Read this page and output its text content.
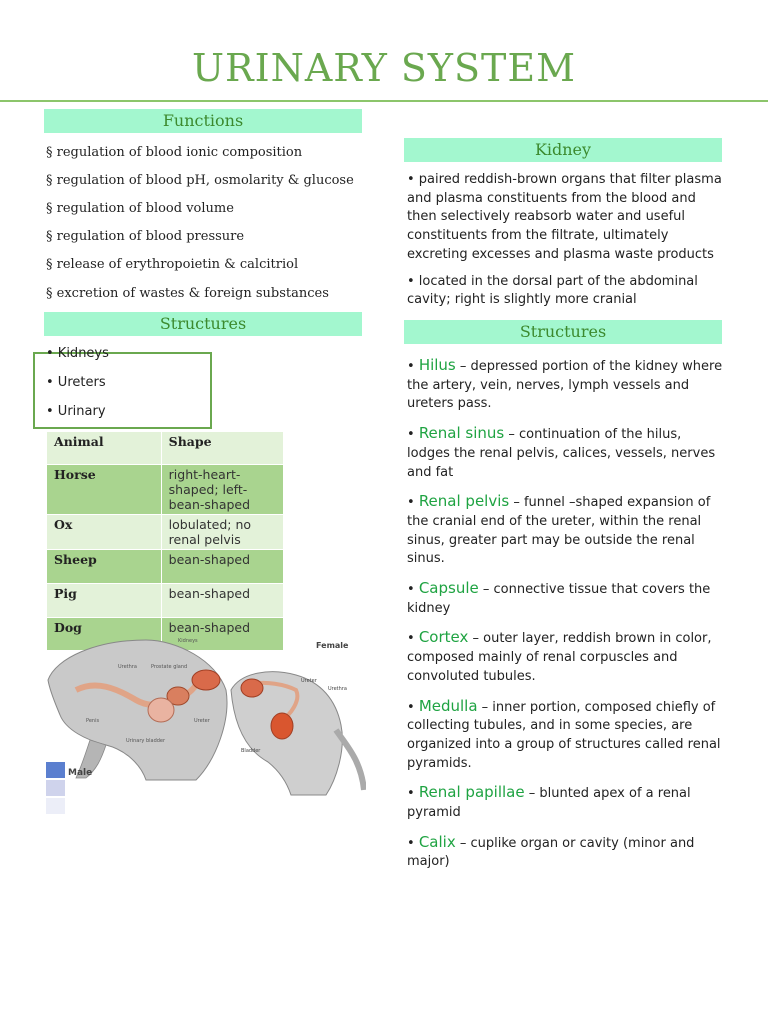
URINARY SYSTEM
Functions
§ regulation of blood ionic composition
§ regulation of blood pH, osmolarity & glucose
§ regulation of blood volume
§ regulation of blood pressure
§ release of erythropoietin & calcitriol
§ excretion of wastes & foreign substances
Structures
• Kidneys
• Ureters
• Urinary
Animal	Shape
Horse	right-heart-shaped; left-bean-shaped
Ox	lobulated; no renal pelvis
Sheep	bean-shaped
Pig	bean-shaped
Dog	bean-shaped
Kidneys
Urethra	Prostate gland
Ureter
Penis
Urinary bladder
Female
Ureter
Urethra
Bladder
Male
Kidney

• paired reddish-brown organs that filter plasma and plasma constituents from the blood and then selectively reabsorb water and useful constituents from the filtrate, ultimately excreting excesses and plasma waste products

• located in the dorsal part of the abdominal cavity; right is slightly more cranial

Structures

• Hilus – depressed portion of the kidney where the artery, vein, nerves, lymph vessels and ureters pass.

• Renal sinus – continuation of the hilus, lodges the renal pelvis, calices, vessels, nerves and fat

• Renal pelvis – funnel –shaped expansion of the cranial end of the ureter, within the renal sinus, greater part may be outside the renal sinus.

• Capsule – connective tissue that covers the kidney

• Cortex – outer layer, reddish brown in color, composed mainly of renal corpuscles and convoluted tubules.

• Medulla – inner portion, composed chiefly of collecting tubules, and in some species, are organized into a group of structures called renal pyramids.

• Renal papillae – blunted apex of a renal pyramid

• Calix – cuplike organ or cavity (minor and major)
